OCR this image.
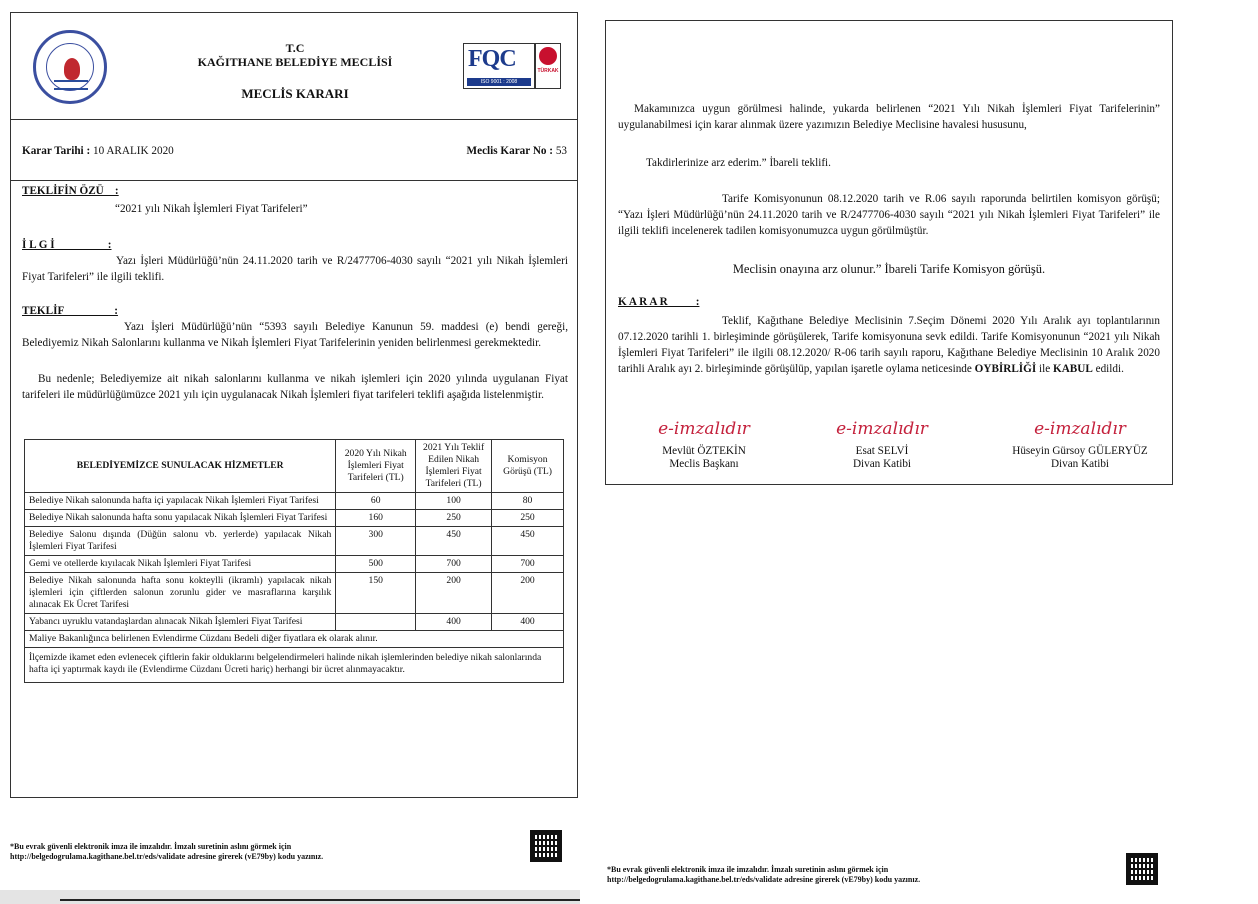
T.C
KAĞITHANE BELEDİYE MECLİSİ
MECLİS KARARI
FQC
ISO 9001 : 2008
TÜRKAK
Karar Tarihi : 10 ARALIK 2020	Meclis Karar No : 53
TEKLİFİN ÖZÜ    :
“2021 yılı Nikah İşlemleri Fiyat Tarifeleri”
İ L G İ                   :
Yazı İşleri Müdürlüğü’nün 24.11.2020 tarih ve R/2477706-4030 sayılı “2021 yılı Nikah İşlemleri Fiyat Tarifeleri” ile ilgili teklifi.
TEKLİF                  :
Yazı İşleri Müdürlüğü’nün “5393 sayılı Belediye Kanunun 59. maddesi (e) bendi gereği, Belediyemiz Nikah Salonlarını kullanma ve Nikah İşlemleri Fiyat Tarifelerinin yeniden belirlenmesi gerekmektedir.
Bu nedenle; Belediyemize ait nikah salonlarını kullanma ve nikah işlemleri için 2020 yılında uygulanan Fiyat tarifeleri ile müdürlüğümüzce 2021 yılı için uygulanacak Nikah İşlemleri fiyat tarifeleri teklifi aşağıda listelenmiştir.
BELEDİYEMİZCE SUNULACAK HİZMETLER	2020 Yılı Nikah İşlemleri Fiyat Tarifeleri (TL)	2021 Yılı Teklif Edilen Nikah İşlemleri Fiyat Tarifeleri (TL)	Komisyon Görüşü (TL)
Belediye Nikah salonunda hafta içi yapılacak Nikah İşlemleri Fiyat Tarifesi	60	100	80
Belediye Nikah salonunda hafta sonu yapılacak Nikah İşlemleri Fiyat Tarifesi	160	250	250
Belediye Salonu dışında (Düğün salonu vb. yerlerde) yapılacak Nikah İşlemleri Fiyat Tarifesi	300	450	450
Gemi ve otellerde kıyılacak Nikah İşlemleri Fiyat Tarifesi	500	700	700
Belediye Nikah salonunda hafta sonu kokteylli (ikramlı) yapılacak nikah işlemleri için çiftlerden salonun zorunlu gider ve masraflarına karşılık alınacak Ek Ücret Tarifesi	150	200	200
Yabancı uyruklu vatandaşlardan alınacak Nikah İşlemleri Fiyat Tarifesi		400	400
Maliye Bakanlığınca belirlenen Evlendirme Cüzdanı Bedeli diğer fiyatlara ek olarak alınır.			
İlçemizde ikamet eden evlenecek çiftlerin fakir olduklarını belgelendirmeleri halinde nikah işlemlerinden belediye nikah salonlarında hafta içi yaptırmak kaydı ile (Evlendirme Cüzdanı Ücreti hariç) herhangi bir ücret alınmayacaktır.			
*Bu evrak güvenli elektronik imza ile imzalıdır. İmzalı suretinin aslını görmek için
http://belgedogrulama.kagithane.bel.tr/eds/validate adresine girerek (vE79by) kodu yazınız.
Makamınızca uygun görülmesi halinde, yukarda belirlenen “2021 Yılı Nikah İşlemleri Fiyat Tarifelerinin” uygulanabilmesi için karar alınmak üzere yazımızın Belediye Meclisine havalesi hususunu,
Takdirlerinize arz ederim.” İbareli teklifi.
Tarife Komisyonunun 08.12.2020 tarih ve R.06 sayılı raporunda belirtilen komisyon görüşü; “Yazı İşleri Müdürlüğü’nün 24.11.2020 tarih ve R/2477706-4030 sayılı “2021 yılı Nikah İşlemleri Fiyat Tarifeleri” ile ilgili teklifi incelenerek tadilen komisyonumuzca uygun görülmüştür.
Meclisin onayına arz olunur.” İbareli Tarife Komisyon görüşü.
K A R A R          :
Teklif, Kağıthane Belediye Meclisinin 7.Seçim Dönemi 2020 Yılı Aralık ayı toplantılarının 07.12.2020 tarihli 1. birleşiminde görüşülerek, Tarife komisyonuna sevk edildi. Tarife Komisyonunun “2021 yılı Nikah İşlemleri Fiyat Tarifeleri” ile ilgili 08.12.2020/ R-06 tarih sayılı raporu, Kağıthane Belediye Meclisinin 10 Aralık 2020 tarihli Aralık ayı 2. birleşiminde görüşülüp, yapılan işaretle oylama neticesinde OYBİRLİĞİ ile KABUL edildi.
e-imzalıdır
Mevlüt ÖZTEKİN
Meclis Başkanı
e-imzalıdır
Esat SELVİ
Divan Katibi
e-imzalıdır
Hüseyin Gürsoy GÜLERYÜZ
Divan Katibi
*Bu evrak güvenli elektronik imza ile imzalıdır. İmzalı suretinin aslını görmek için
http://belgedogrulama.kagithane.bel.tr/eds/validate adresine girerek (vE79by) kodu yazınız.
